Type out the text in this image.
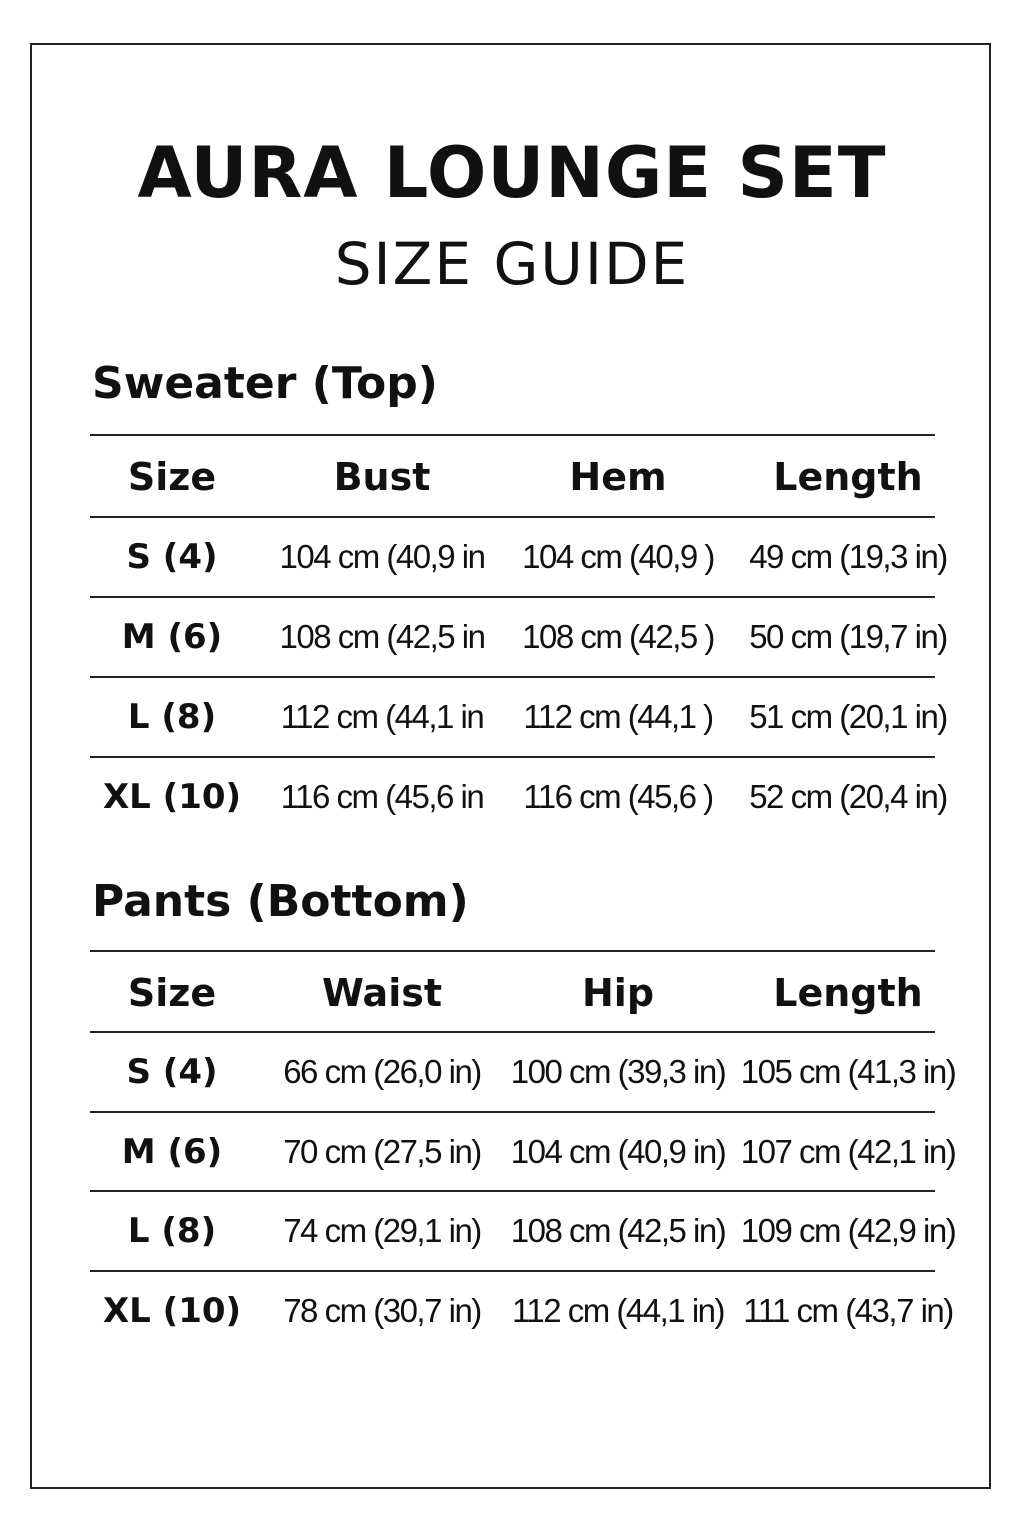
AURA LOUNGE SET
SIZE GUIDE
Sweater (Top)
Size	Bust	Hem	Length
S (4)	104 cm (40,9 in	104 cm (40,9 )	49 cm (19,3 in)
M (6)	108 cm (42,5 in	108 cm (42,5 )	50 cm (19,7 in)
L (8)	112 cm (44,1 in	112 cm (44,1 )	51 cm (20,1 in)
XL (10)	116 cm (45,6 in	116 cm (45,6 )	52 cm (20,4 in)
Pants (Bottom)
Size	Waist	Hip	Length
S (4)	66 cm (26,0 in) 100 cm (39,3 in) 105 cm (41,3 in)
M (6)	70 cm (27,5 in) 104 cm (40,9 in) 107 cm (42,1 in)
L (8)	74 cm (29,1 in) 108 cm (42,5 in) 109 cm (42,9 in)
XL (10)	78 cm (30,7 in) 112 cm (44,1 in) 111 cm (43,7 in)
